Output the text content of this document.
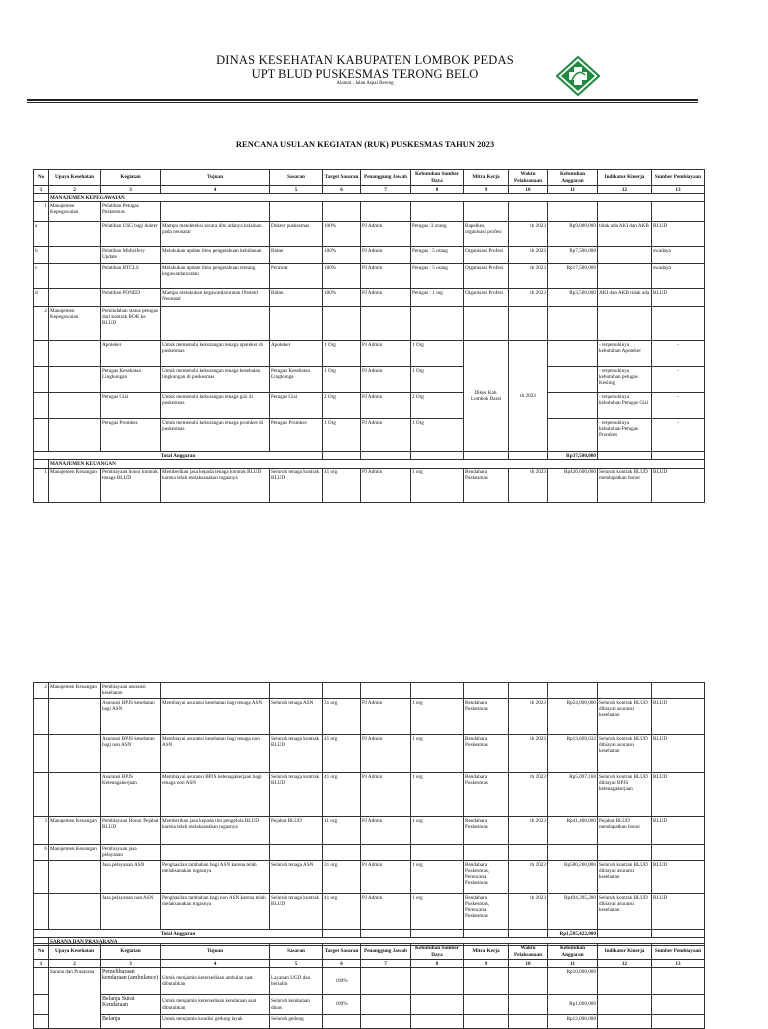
DINAS KESEHATAN KABUPATEN LOMBOK PEDAS
UPT BLUD PUSKESMAS TERONG BELO
Alamat : Jalan Aspal Bereng
RENCANA USULAN KEGIATAN (RUK) PUSKESMAS TAHUN 2023
No	Upaya Kesehatan	Kegiatan	Tujuan	Sasaran	Target Sasaran	Penanggung Jawab	Kebutuhan Sumber Daya	Mitra Kerja	Waktu Pelaksanaan	Kebutuhan Anggaran	Indikator Kinerja	Sumber Pembiayaan
1	2	3	4	5	6	7	8	9	10	11	12	13
	MANAJEMEN KEPEGAWAIAN											
1	Manajemen Kepegawaian	Pelatihan Petugas Puskesmas										
a		Pelatihan USG bagi dokter	Mampu mendeteksi secara dini adanya kelainan pada neonatal	Dokter puskesmas	100%	PJ Admin	Petugas :3 orang	Bapelkes, organisasi profesi	th 2023	Rp9,000,000	tidak ada AKI dan AKB	BLUD
b		Pelatihan Midwifery Update	Melakukan update ilmu pengetahuan kebidanan	Bidan	100%	PJ Admin	Petugas : 5 orang	Organisasi Profesi	th 2023	Rp7,500,000		swadaya
c		Pelatihan BTCLS	Melakukan update ilmu pengetahuan tentang kegawatdaruratan	Perawat	100%	PJ Admin	Petugas : 5 orang	Organisasi Profesi	th 2023	Rp17,500,000		swadaya
d		Pelatihan PONED	Mampu melakukan kegawatdaruratan Obstetri Neonatal	Bidan	100%	PJ Admin	Petugas : 1 org	Organisasi Profesi	th 2023	Rp3,500,000	AKI dan AKB tidak ada	BLUD
2	Manajemen Kepegawaian	Pemindahan status petugas dari kontrak BOK ke BLUD										
		Apoteker	Untuk memenuhi kekurangan tenaga apoteker di puskesmas	Apoteker	1 Org	PJ Admin	1 Org	Dikes Kab. Lombok Barat	th 2023		- terpenuhinya kebutuhan Apoteker	-
		Petugas Kesehatan Lingkungan	Untuk memenuhi kekurangan tenaga kesehatan lingkungan di puskesmas	Petugas Kesehatan Lingkunga	1 Org	PJ Admin	1 Org				- terpenuhinya kebutuhan petugas Kesling	-
		Petugas Gizi	Untuk memenuhi kekurangan tenaga gizi di puskesmas	Petugas Gizi	2 Org	PJ Admin	2 Org				- terpenuhinya kebutuhan Petugas Gizi	-
		Petugas Promkes	Untuk memenuhi kekurangan tenaga promkes di puskesmas	Petugas Promkes	1 Org	PJ Admin	1 Org				- terpenuhinya kebutuhan Petugas Promkes	-
Total Anggaran										Rp37,500,000		
	MANAJEMEN KEUANGAN											
1	Manajemen Keuangan	Pembiayaan honor kontrak tenaga BLUD	Memberikan jasa kepada tenaga kontrak BLUD karena telah melaksanakan tugasnya	Seluruh tenaga kontrak BLUD	41 org	PJ Admin	1 org	Bendahara Puskesmas	th 2023	Rp426,600,000	Seluruh kontrak BLUD mendapatkan honor	BLUD
2	Manajemen Keuangan	Pembiayaan asuransi kesehatan										
		Asuransi BPJS kesehatan bagi ASN	Membiayai asuransi kesehatan bagi tenaga ASN	Seluruh tenaga ASN	31 org	PJ Admin	1 org	Bendahara Puskesmas	th 2023	Rp24,000,000	Seluruh kontrak BLUD dibiayai asuransi kesehatan	BLUD
		Asuransi BPJS kesehatan bagi non ASN	Membiayai asuransi kesehatan bagi tenaga non ASN	Seluruh tenaga kontrak BLUD	41 org	PJ Admin	1 org	Bendahara Puskesmas	th 2023	Rp13,669,632	Seluruh kontrak BLUD dibiayai asuransi kesehatan	BLUD
		Asuransi BPJS Ketenagakerjaan	Membiayai asuransi BPJS ketenagakerjaan bagi tenaga non ASN	Seluruh tenaga kontrak BLUD	41 org	PJ Admin	1 org	Bendahara Puskesmas	th 2023	Rp5,097,168	Seluruh kontrak BLUD dibiayai BPJS ketenagakerjaan	BLUD
3	Manajemen Keuangan	Pembiayaan Honor Pejabat BLUD	Memberikan jasa kepada tim pengelola BLUD karena telah melaksanakan tugasnya	Pejabat BLUD	11 org	PJ Admin	1 org	Bendahara Puskesmas	th 2023	Rp41,400,000	Pejabat BLUD mendapatkan honor	BLUD
6	Manajemen Keuangan	Pembiayaan jasa pelayanan										
		Jasa pelayanan ASN	Penghasilan tambahan bagi ASN karena telah melaksanakan tugasnya	Seluruh tenaga ASN	31 org	PJ Admin	1 org	Bendahara Puskesmas, Perencana Puskesmas	th 2023	Rp580,260,800	Seluruh kontrak BLUD dibiayai asuransi kesehatan	BLUD
		Jasa pelayanan non ASN	Penghasilan tambahan bagi non ASN karena telah melaksanakan tugasnya	Seluruh tenaga kontrak BLUD	41 org	PJ Admin	1 org	Bendahara Puskesmas, Perencana Puskesmas	th 2023	Rp494,395,200	Seluruh kontrak BLUD dibiayai asuransi kesehatan	BLUD
Total Anggaran										Rp1,585,422,800		
	SARANA DAN PRASARANA											
No	Upaya Kesehatan	Kegiatan	Tujuan	Sasaran	Target Sasaran	Penanggung Jawab	Kebutuhan Sumber Daya	Mitra Kerja	Waktu Pelaksanaan	Kebutuhan Anggaran	Indikator Kinerja	Sumber Pembiayaan
1	2	3	4	5	6	7	8	9	10	11	12	13
	Sarana dan Prasarana	Pemeliharaan kendaraan (ambulance)	Untuk menjamin ketersediaan ambulan saat dibutuhkan	Layanan UGD dan bersalin	100%					Rp10,000,000		
		Belanja Surat Kendaraan	Untuk menjamin ketersediaan kendaraan saat dibutuhkan	Seluruh kendaraan dinas	100%					Rp1,000,000		
		Belanja	Untuk menjamin kondisi gedung layak	Seluruh gedung						Rp12,000,000		
